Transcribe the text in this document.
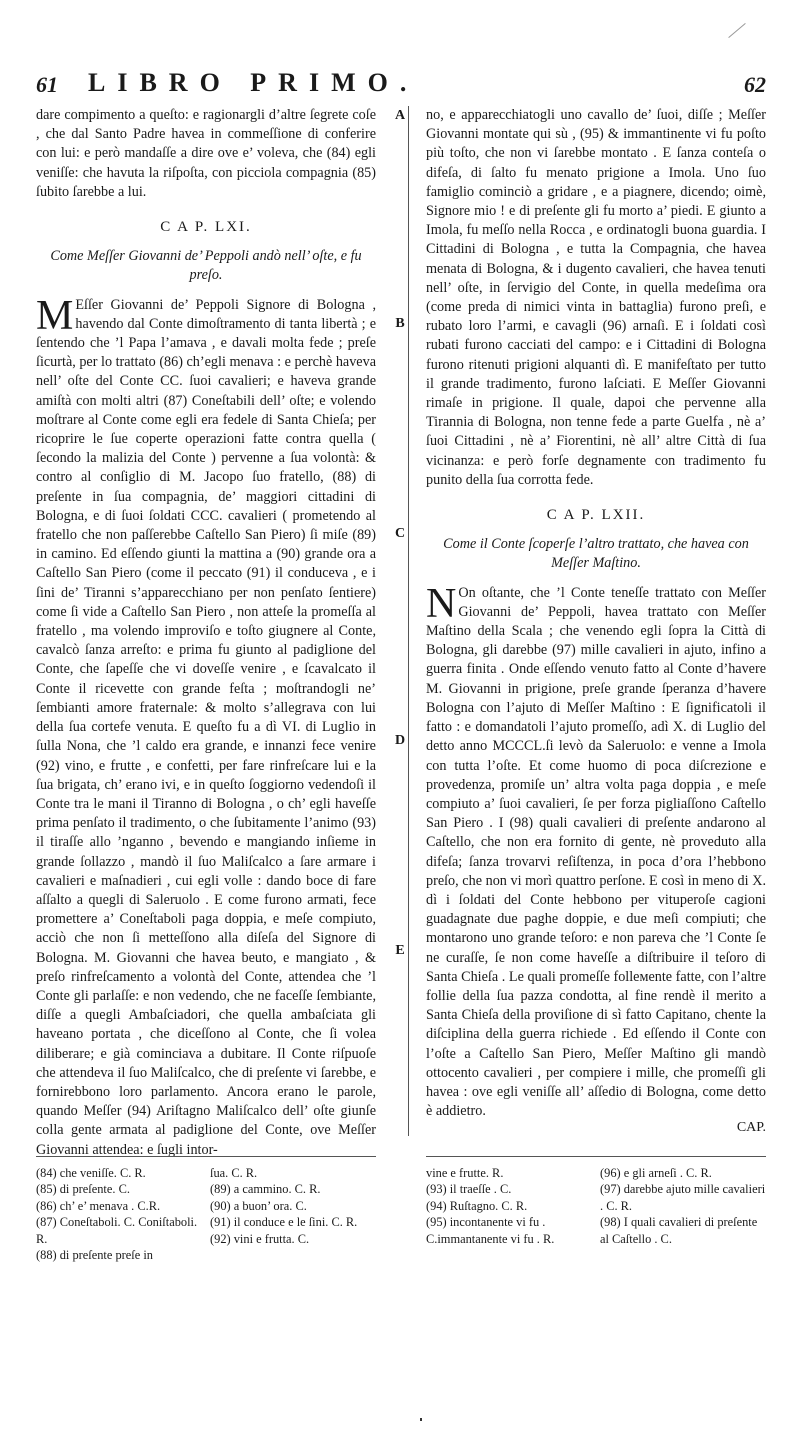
61 LIBRO PRIMO.	62
A
B
C
D
E

dare compimento a queſto: e ragionargli d’altre ſegrete coſe , che dal Santo Padre havea in commeſſione di conferire con lui: e però mandaſſe a dire ove e’ voleva, che (84) egli veniſſe: che havuta la riſpoſta, con picciola compagnia (85) ſubito ſarebbe a lui.

C A P. LXI.
Come Meſſer Giovanni de’ Peppoli andò nell’ oſte, e fu preſo.

M Eſſer Giovanni de’ Peppoli Signore di Bologna , havendo dal Conte dimoſtramento di tanta libertà ; e ſentendo che ’l Papa l’amava , e davali molta fede ; preſe ſicurtà, per lo trattato (86) ch’egli menava : e perchè haveva nell’ oſte del Conte CC. ſuoi cavalieri; e haveva grande amiſtà con molti altri (87) Coneſtabili dell’ oſte; e volendo moſtrare al Conte come egli era fedele di Santa Chieſa; per ricoprire le ſue coperte operazioni fatte contra quella ( ſecondo la malizia del Conte ) pervenne a ſua volontà: & contro al conſiglio di M. Jacopo ſuo fratello, (88) di preſente in ſua compagnia, de’ maggiori cittadini di Bologna, e di ſuoi ſoldati CCC. cavalieri ( prometendo al fratello che non paſſerebbe Caſtello San Piero) ſi miſe (89) in camino. Ed eſſendo giunti la mattina a (90) grande ora a Caſtello San Piero (come il peccato (91) il conduceva , e i ſini de’ Tiranni s’apparecchiano per non penſato ſentiere) come ſi vide a Caſtello San Piero , non atteſe la promeſſa al fratello , ma volendo improviſo e toſto giugnere al Conte, cavalcò ſanza arreſto: e prima fu giunto al padiglione del Conte, che ſapeſſe che vi doveſſe venire , e ſcavalcato il Conte il ricevette con grande feſta ; moſtrandogli ne’ ſembianti amore fraternale: & molto s’allegrava con lui della ſua cortefe venuta. E queſto fu a dì VI. di Luglio in ſulla Nona, che ’l caldo era grande, e innanzi fece venire (92) vino, e frutte , e confetti, per fare rinfreſcare lui e la ſua brigata, ch’ erano ivi, e in queſto ſoggiorno vedendoſi il Conte tra le mani il Tiranno di Bologna , o ch’ egli haveſſe prima penſato il tradimento, o che ſubitamente l’animo (93) il tiraſſe allo ’nganno , bevendo e mangiando inſieme in grande ſollazzo , mandò il ſuo Maliſcalco a ſare armare i cavalieri e maſnadieri , cui egli volle : dando boce di fare aſſalto a quegli di Saleruolo . E come furono armati, fece promettere a’ Coneſtaboli paga doppia, e meſe compiuto, acciò che non ſi metteſſono alla diſeſa del Signore di Bologna. M. Giovanni che havea beuto, e mangiato , & preſo rinfreſcamento a volontà del Conte, attendea che ’l Conte gli parlaſſe: e non vedendo, che ne faceſſe ſembiante, diſſe a quegli Ambaſciadori, che quella ambaſciata gli haveano portata , che diceſſono al Conte, che ſi volea diliberare; e già cominciava a dubitare. Il Conte riſpuoſe che attendeva il ſuo Maliſcalco, che di preſente vi ſarebbe, e fornirebbono loro parlamento. Ancora erano le parole, quando Meſſer (94) Ariſtagno Maliſcalco dell’ oſte giunſe colla gente armata al padiglione del Conte, ove Meſſer Giovanni attendea: e ſugli intor-

no, e apparecchiatogli uno cavallo de’ ſuoi, diſſe ; Meſſer Giovanni montate qui sù , (95) & immantinente vi fu poſto più toſto, che non vi ſarebbe montato . E ſanza conteſa o difeſa, di ſalto fu menato prigione a Imola. Uno ſuo famiglio cominciò a gridare , e a piagnere, dicendo; oimè, Signore mio ! e di preſente gli fu morto a’ piedi. E giunto a Imola, fu meſſo nella Rocca , e ordinatogli buona guardia. I Cittadini di Bologna , e tutta la Compagnia, che havea menata di Bologna, & i dugento cavalieri, che havea tenuti nell’ oſte, in ſervigio del Conte, in quella medeſima ora (come preda di nimici vinta in battaglia) furono preſi, e rubato loro l’armi, e cavagli (96) arnaſi. E i ſoldati così rubati furono cacciati del campo: e i Cittadini di Bologna furono ritenuti prigioni alquanti dì. E manifeſtato per tutto il grande tradimento, furono laſciati. E Meſſer Giovanni rimaſe in prigione. Il quale, dapoi che pervenne alla Tirannia di Bologna, non tenne fede a parte Guelfa , nè a’ ſuoi Cittadini , nè a’ Fiorentini, nè all’ altre Città di ſua vicinanza: e però forſe degnamente con tradimento fu punito della ſua corrotta fede.

C A P. LXII.
Come il Conte ſcoperſe l’altro trattato, che havea con Meſſer Maſtino.

N On oſtante, che ’l Conte teneſſe trattato con Meſſer Giovanni de’ Peppoli, havea trattato con Meſſer Maſtino della Scala ; che venendo egli ſopra la Città di Bologna, gli darebbe (97) mille cavalieri in ajuto, infino a guerra finita . Onde eſſendo venuto fatto al Conte d’havere M. Giovanni in prigione, preſe grande ſperanza d’havere Bologna con l’ajuto di Meſſer Maſtino : E ſignificatoli il fatto : e domandatoli l’ajuto promeſſo, adì X. di Luglio del detto anno MCCCL.ſi levò da Saleruolo: e venne a Imola con tutta l’oſte. Et come huomo di poca diſcrezione e provedenza, promiſe un’ altra volta paga doppia , e meſe compiuto a’ ſuoi cavalieri, ſe per forza pigliaſſono Caſtello San Piero . I (98) quali cavalieri di preſente andarono al Caſtello, che non era fornito di gente, nè proveduto alla difeſa; ſanza trovarvi reſiſtenza, in poca d’ora l’hebbono preſo, che non vi morì quattro perſone. E così in meno di X. dì i ſoldati del Conte hebbono per vituperoſe cagioni guadagnate due paghe doppie, e due meſi compiuti; che montarono uno grande teſoro: e non pareva che ’l Conte ſe ne curaſſe, ſe non come haveſſe a diſtribuire il teſoro di Santa Chieſa . Le quali promeſſe folleмente fatte, con l’altre follie della ſua pazza condotta, al fine rendè il merito a Santa Chieſa della proviſione di sì fatto Capitano, chente la diſciplina della guerra richiede . Ed eſſendo il Conte con l’oſte a Caſtello San Piero, Meſſer Maſtino gli mandò ottocento cavalieri , per compiere i mille, che promeſſi gli havea : ove egli veniſſe all’ aſſedio di Bologna, come detto è addietro.

CAP.

(84) che veniſſe. C. R.

(85) di preſente. C.

(86) ch’ e’ menava . C.R.

(87) Coneſtaboli. C. Coniſtaboli. R.

(88) di preſente preſe in

ſua. C. R.

(89) a cammino. C. R.

(90) a buon’ ora. C.

(91) il conduce e le ſini. C. R.

(92) vini e frutta. C.

vine e frutte. R.

(93) il traeſſe . C.

(94) Ruſtagno. C. R.

(95) incontanente vi fu . C.immantanente vi fu . R.

(96) e gli arneſi . C. R.

(97) darebbe ajuto mille cavalieri . C. R.

(98) I quali cavalieri di preſente al Caſtello . C.
